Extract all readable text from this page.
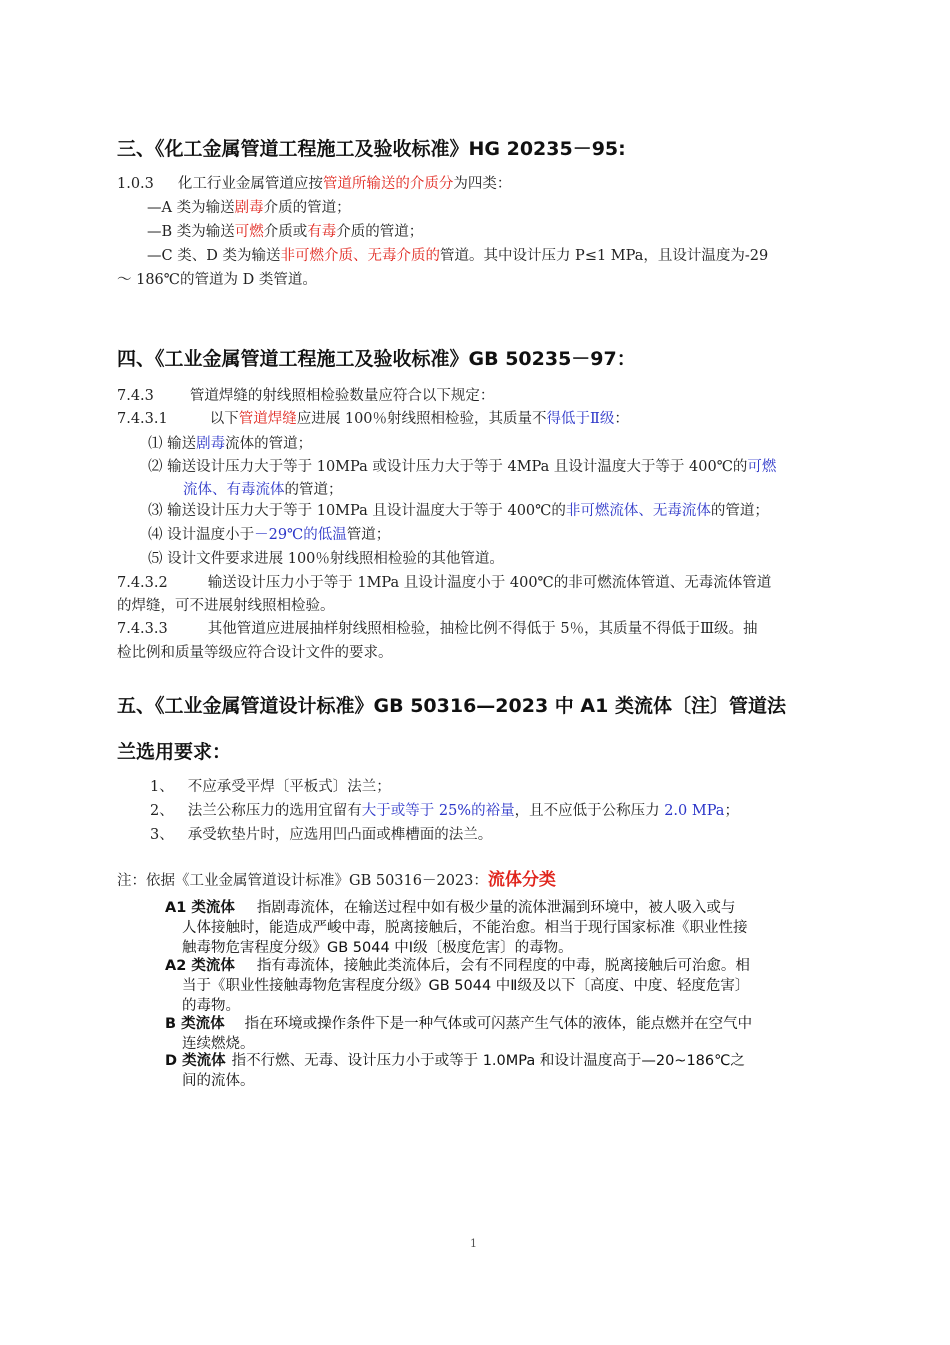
三、《化工金属管道工程施工及验收标准》HG 20235－95:
1.0.3 化工行业金属管道应按管道所输送的介质分为四类：
—A 类为输送剧毒介质的管道；
—B 类为输送可燃介质或有毒介质的管道；
—C 类、D 类为输送非可燃介质、无毒介质的管道。其中设计压力 P≤1 MPa，且设计温度为-29
～ 186℃的管道为 D 类管道。
四、《工业金属管道工程施工及验收标准》GB 50235－97：
7.4.3 管道焊缝的射线照相检验数量应符合以下规定：
7.4.3.1	以下管道焊缝应进展 100％射线照相检验，其质量不得低于Ⅱ级：
⑴ 输送剧毒流体的管道；
⑵ 输送设计压力大于等于 10MPa 或设计压力大于等于 4MPa 且设计温度大于等于 400℃的可燃
流体、有毒流体的管道；
⑶ 输送设计压力大于等于 10MPa 且设计温度大于等于 400℃的非可燃流体、无毒流体的管道；
⑷ 设计温度小于－29℃的低温管道；
⑸ 设计文件要求进展 100％射线照相检验的其他管道。
7.4.3.2	输送设计压力小于等于 1MPa 且设计温度小于 400℃的非可燃流体管道、无毒流体管道
的焊缝，可不进展射线照相检验。
7.4.3.3	其他管道应进展抽样射线照相检验，抽检比例不得低于 5％，其质量不得低于Ⅲ级。抽
检比例和质量等级应符合设计文件的要求。
五、《工业金属管道设计标准》GB 50316—2023 中 A1 类流体〔注〕管道法
兰选用要求：
1、 不应承受平焊〔平板式〕法兰；
2、 法兰公称压力的选用宜留有大于或等于 25%的裕量，且不应低于公称压力 2.0 MPa；
3、 承受软垫片时，应选用凹凸面或榫槽面的法兰。
注：依据《工业金属管道设计标准》GB 50316－2023：流体分类
A1 类流体 指剧毒流体，在输送过程中如有极少量的流体泄漏到环境中，被人吸入或与
人体接触时，能造成严峻中毒，脱离接触后，不能治愈。相当于现行国家标准《职业性接
触毒物危害程度分级》GB 5044 中Ⅰ级〔极度危害〕的毒物。
A2 类流体 指有毒流体，接触此类流体后，会有不同程度的中毒，脱离接触后可治愈。相
当于《职业性接触毒物危害程度分级》GB 5044 中Ⅱ级及以下〔高度、中度、轻度危害〕
的毒物。
B 类流体 指在环境或操作条件下是一种气体或可闪蒸产生气体的液体，能点燃并在空气中
连续燃烧。
D 类流体 指不行燃、无毒、设计压力小于或等于 1.0MPa 和设计温度高于—20~186℃之
间的流体。
1
